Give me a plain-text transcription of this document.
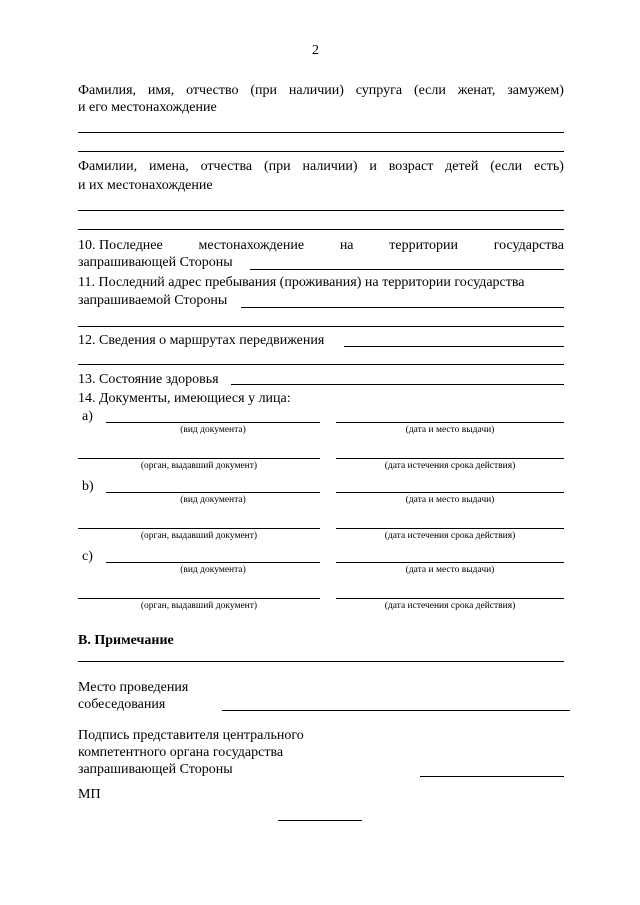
2
Фамилия, имя, отчество (при наличии) супруга (если женат, замужем)
и его местонахождение
Фамилии, имена, отчества (при наличии) и возраст детей (если есть)
и их местонахождение
10. Последнее	местонахождение	на	территории	государства
запрашивающей Стороны
11. Последний адрес пребывания (проживания) на территории государства
запрашиваемой Стороны
12. Сведения о маршрутах передвижения
13. Состояние здоровья
14. Документы, имеющиеся у лица:
a)
(вид документа)	(дата и место выдачи)
(орган, выдавший документ)	(дата истечения срока действия)
b)
(вид документа)	(дата и место выдачи)
(орган, выдавший документ)	(дата истечения срока действия)
c)
(вид документа)	(дата и место выдачи)
(орган, выдавший документ)	(дата истечения срока действия)
В. Примечание
Место проведения
собеседования
Подпись представителя центрального
компетентного органа государства
запрашивающей Стороны
МП
